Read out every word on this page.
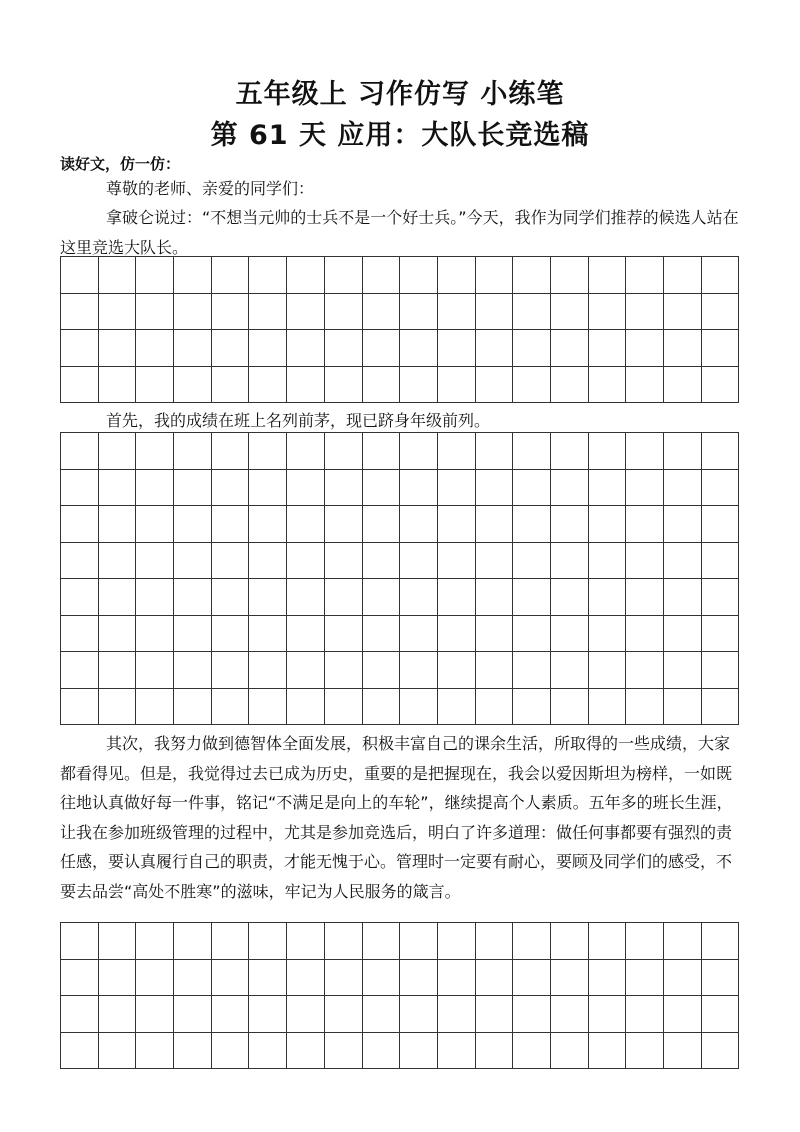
五年级上 习作仿写 小练笔
第 61 天 应用：大队长竞选稿
读好文，仿一仿：
尊敬的老师、亲爱的同学们：
拿破仑说过：“不想当元帅的士兵不是一个好士兵。”今天，我作为同学们推荐的候选人站在这里竞选大队长。

首先，我的成绩在班上名列前茅，现已跻身年级前列。

其次，我努力做到德智体全面发展，积极丰富自己的课余生活，所取得的一些成绩，大家都看得见。但是，我觉得过去已成为历史，重要的是把握现在，我会以爱因斯坦为榜样，一如既往地认真做好每一件事，铭记“不满足是向上的车轮”，继续提高个人素质。五年多的班长生涯，让我在参加班级管理的过程中，尤其是参加竞选后，明白了许多道理：做任何事都要有强烈的责任感，要认真履行自己的职责，才能无愧于心。管理时一定要有耐心，要顾及同学们的感受，不要去品尝“高处不胜寒”的滋味，牢记为人民服务的箴言。
